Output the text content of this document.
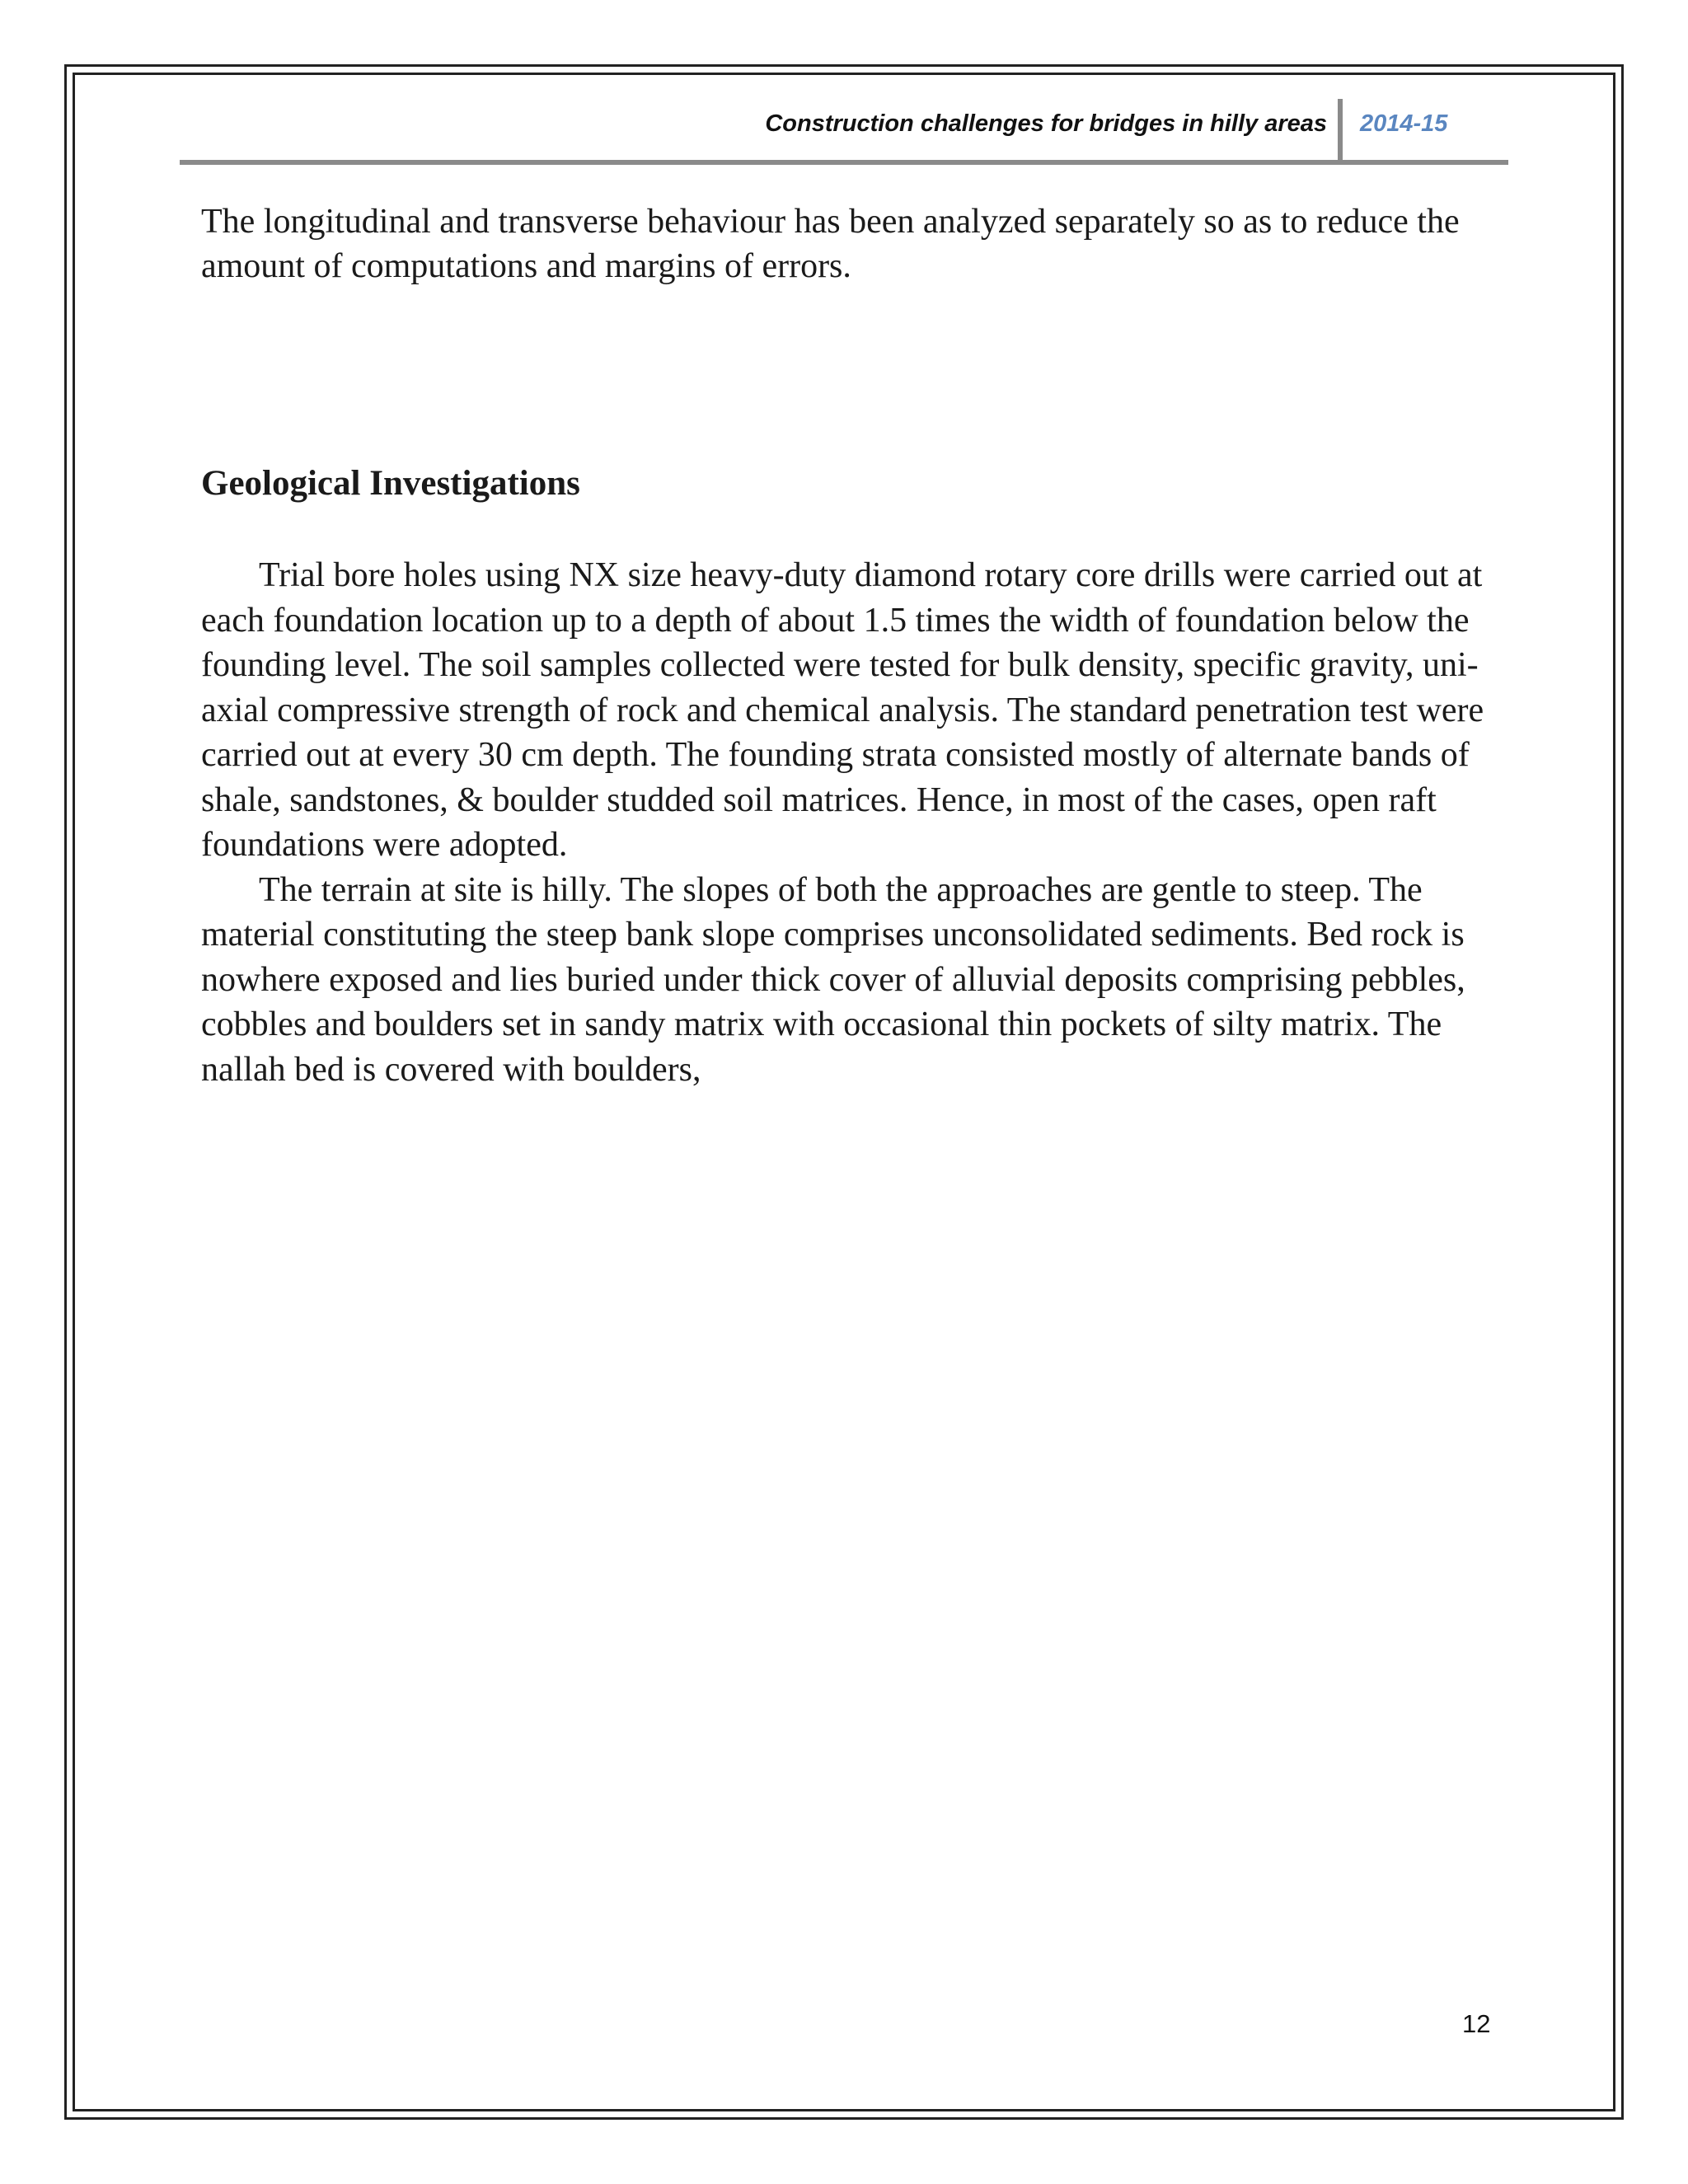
Construction challenges for bridges in hilly areas 2014-15

The longitudinal and transverse behaviour has been analyzed separately so as to reduce the amount of computations and margins of errors.

Geological Investigations

Trial bore holes using NX size heavy-duty diamond rotary core drills were carried out at each foundation location up to a depth of about 1.5 times the width of foundation below the founding level. The soil samples collected were tested for bulk density, specific gravity, uni-axial compressive strength of rock and chemical analysis. The standard penetration test were carried out at every 30 cm depth. The founding strata consisted mostly of alternate bands of shale, sandstones, & boulder studded soil matrices. Hence, in most of the cases, open raft foundations were adopted.

The terrain at site is hilly. The slopes of both the approaches are gentle to steep. The material constituting the steep bank slope comprises unconsolidated sediments. Bed rock is nowhere exposed and lies buried under thick cover of alluvial deposits comprising pebbles, cobbles and boulders set in sandy matrix with occasional thin pockets of silty matrix. The nallah bed is covered with boulders,

12
